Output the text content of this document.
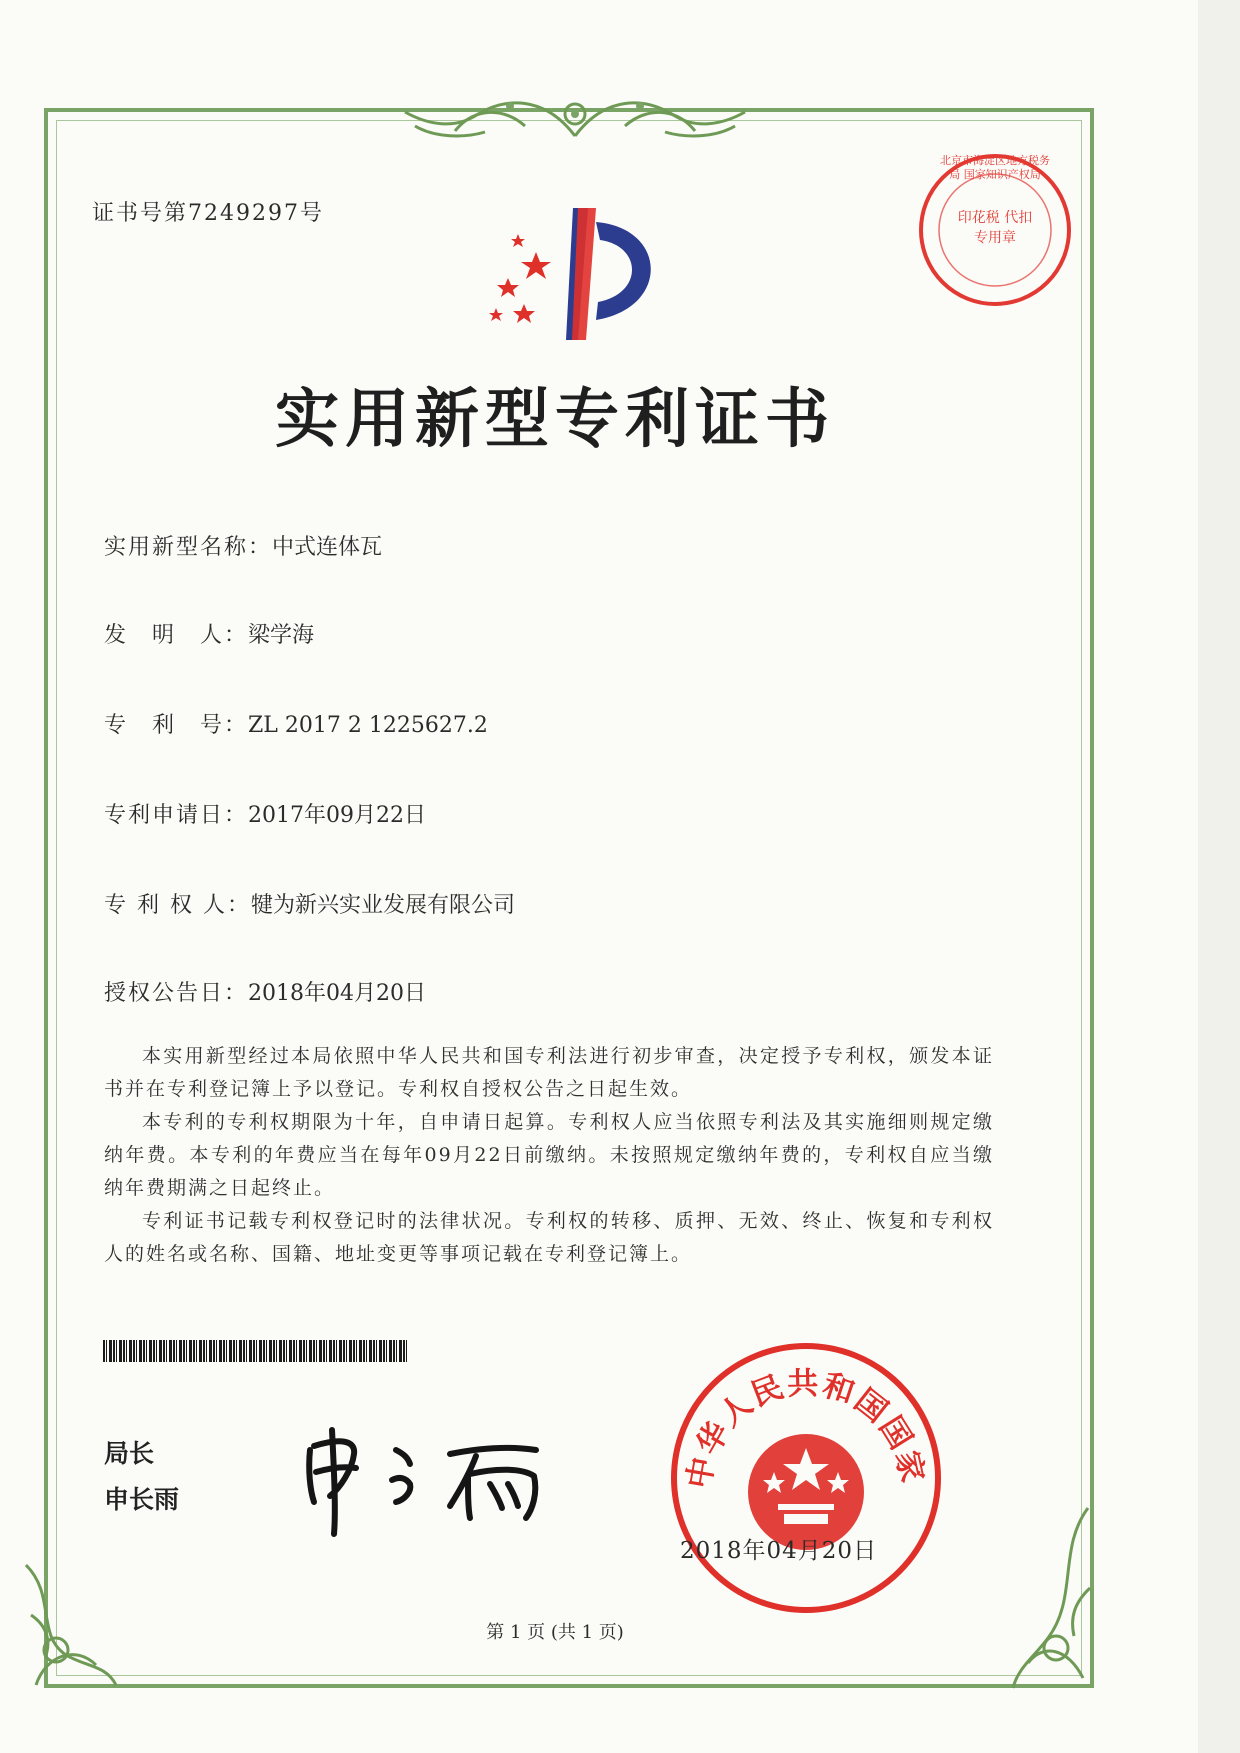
证书号第7249297号
北京市海淀区地方税务局 国家知识产权局
印花税 代扣专用章
实用新型专利证书
实用新型名称：中式连体瓦
发　明　人：梁学海
专　利　号：ZL 2017 2 1225627.2
专利申请日：2017年09月22日
专 利 权 人：犍为新兴实业发展有限公司
授权公告日：2018年04月20日

本实用新型经过本局依照中华人民共和国专利法进行初步审查，决定授予专利权，颁发本证书并在专利登记簿上予以登记。专利权自授权公告之日起生效。

本专利的专利权期限为十年，自申请日起算。专利权人应当依照专利法及其实施细则规定缴纳年费。本专利的年费应当在每年09月22日前缴纳。未按照规定缴纳年费的，专利权自应当缴纳年费期满之日起终止。

专利证书记载专利权登记时的法律状况。专利权的转移、质押、无效、终止、恢复和专利权人的姓名或名称、国籍、地址变更等事项记载在专利登记簿上。

局长
申长雨
中华人民共和国国家
2018年04月20日
第 1 页 (共 1 页)
